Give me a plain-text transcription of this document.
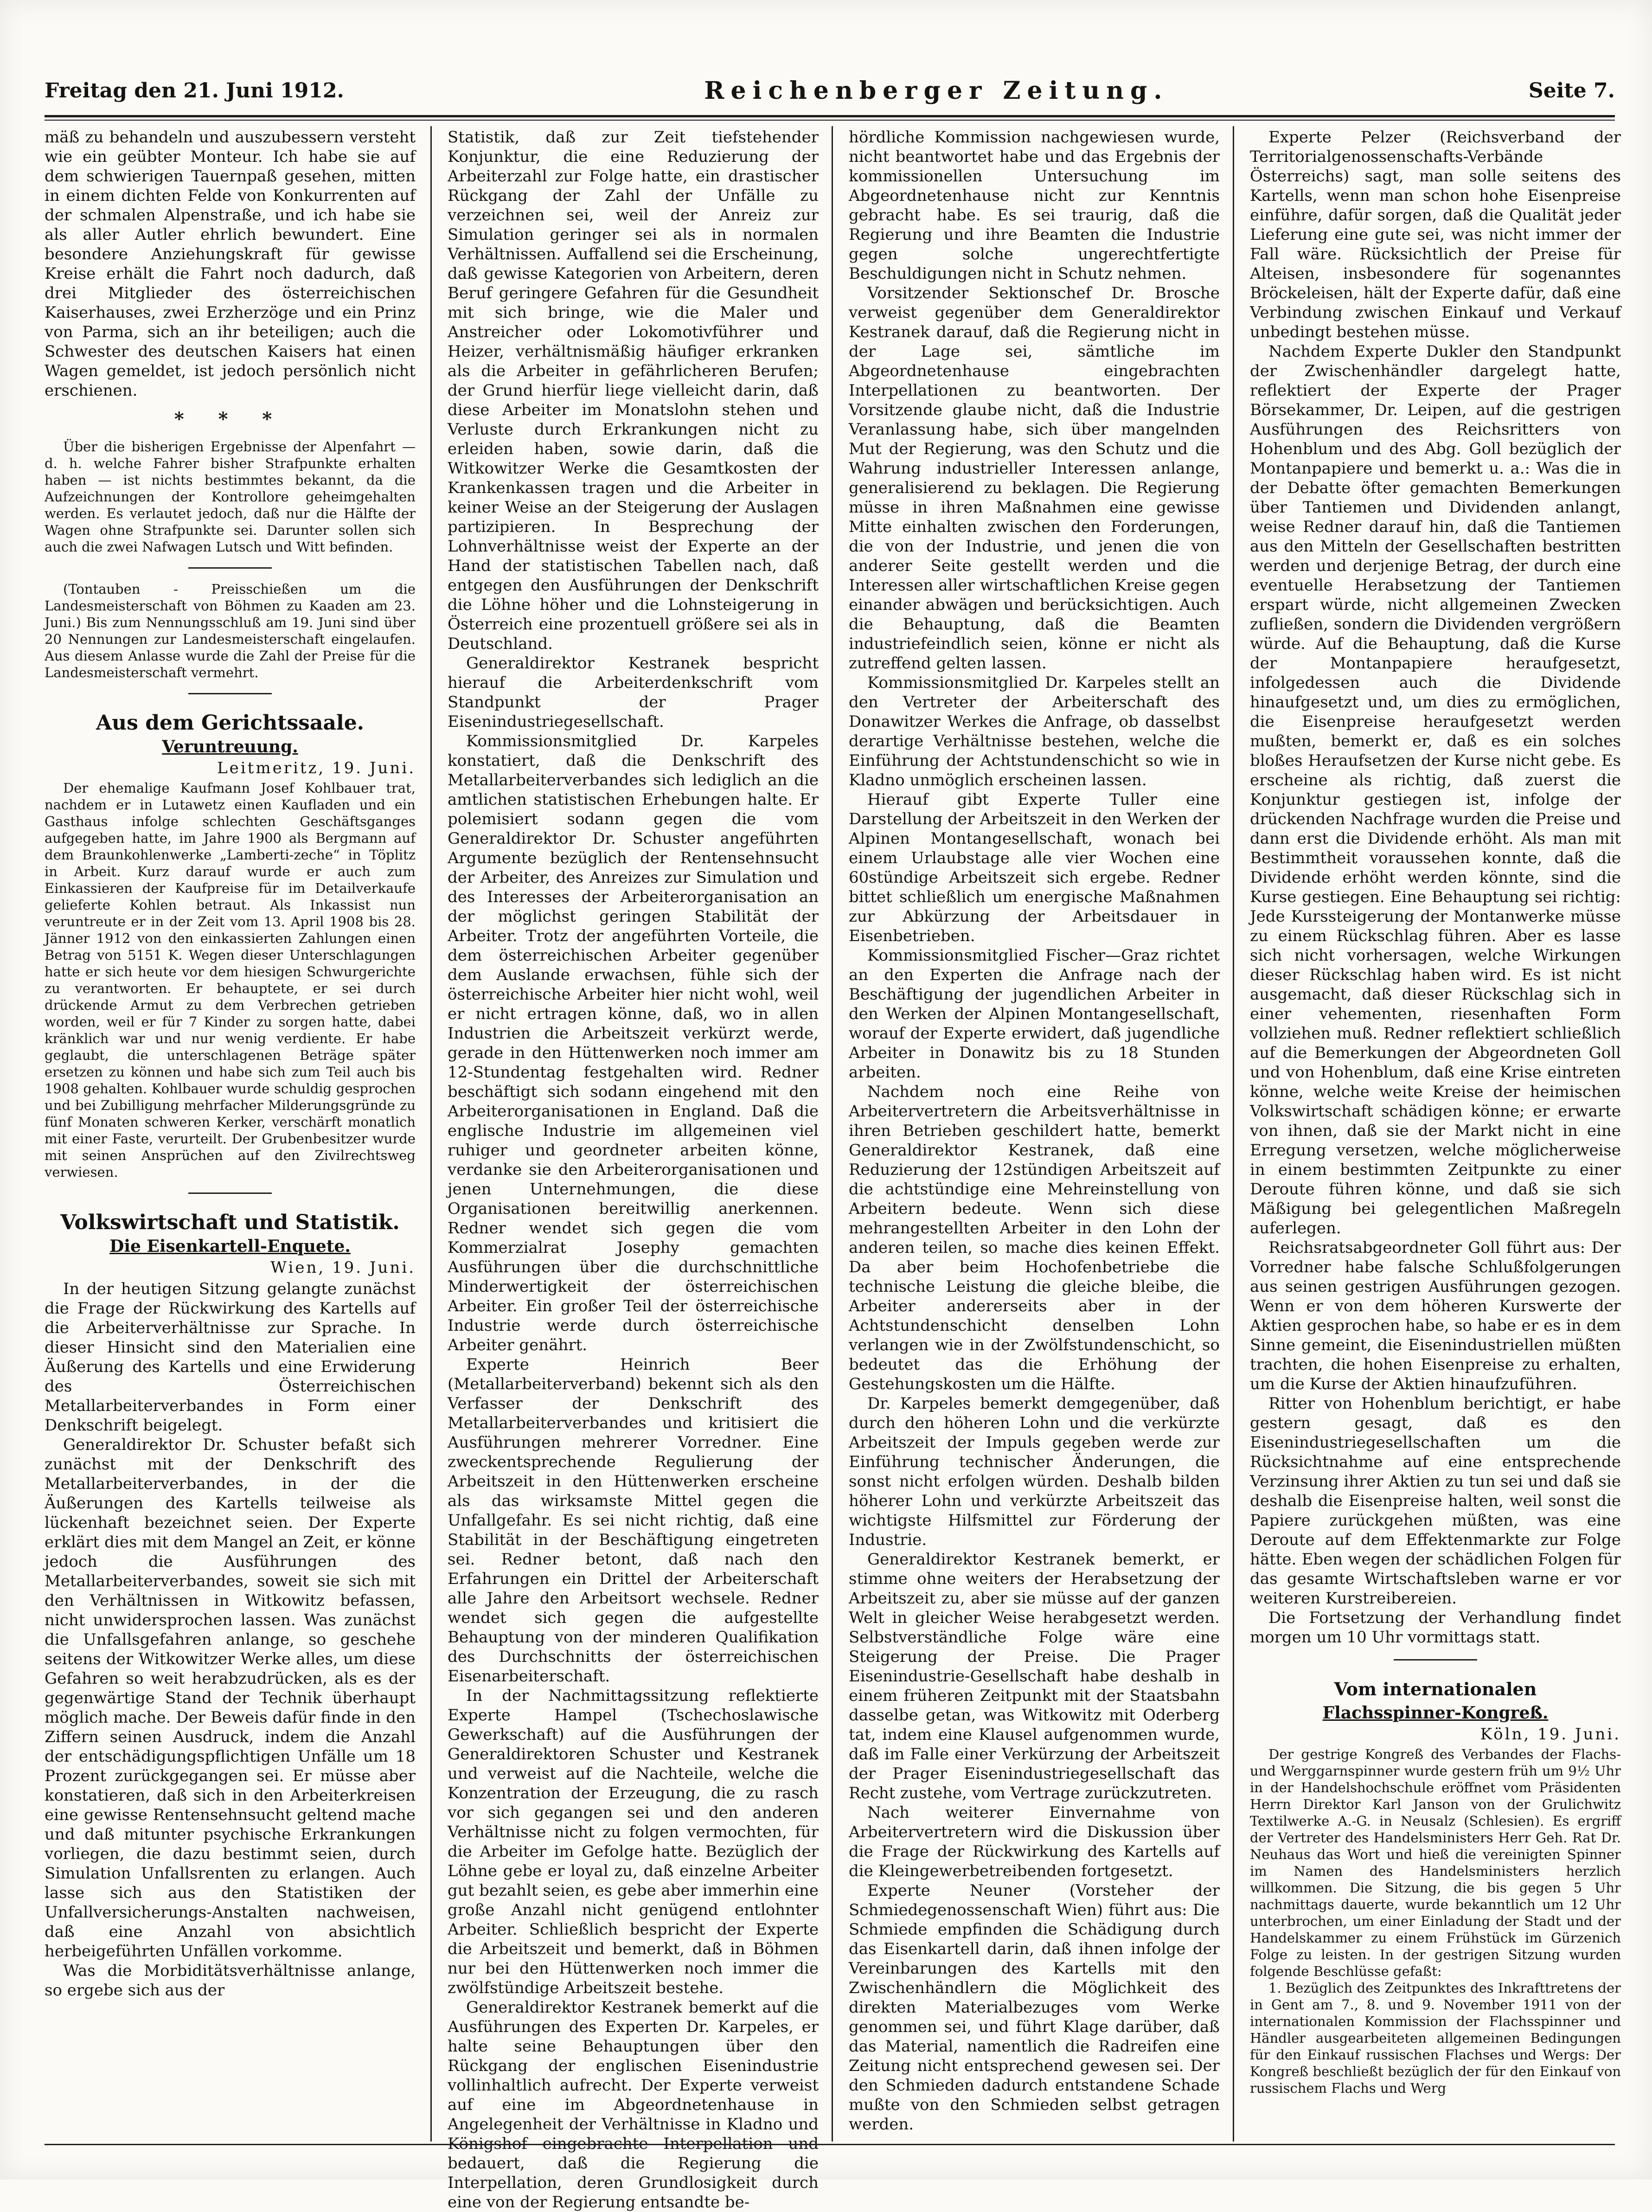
Freitag den 21. Juni 1912.	Reichenberger Zeitung.	Seite 7.

mäß zu behandeln und auszubessern versteht wie ein geübter Monteur. Ich habe sie auf dem schwierigen Tauernpaß gesehen, mitten in einem dichten Felde von Konkurrenten auf der schmalen Alpenstraße, und ich habe sie als aller Autler ehrlich bewundert. Eine besondere Anziehungskraft für gewisse Kreise erhält die Fahrt noch dadurch, daß drei Mitglieder des österreichischen Kaiserhauses, zwei Erzherzöge und ein Prinz von Parma, sich an ihr beteiligen; auch die Schwester des deutschen Kaisers hat einen Wagen gemeldet, ist jedoch persönlich nicht erschienen.

* * *

Über die bisherigen Ergebnisse der Alpenfahrt — d. h. welche Fahrer bisher Strafpunkte erhalten haben — ist nichts bestimmtes bekannt, da die Aufzeichnungen der Kontrollore geheimgehalten werden. Es verlautet jedoch, daß nur die Hälfte der Wagen ohne Strafpunkte sei. Darunter sollen sich auch die zwei Nafwagen Lutsch und Witt befinden.

(Tontauben - Preisschießen um die Landesmeisterschaft von Böhmen zu Kaaden am 23. Juni.) Bis zum Nennungsschluß am 19. Juni sind über 20 Nennungen zur Landesmeisterschaft eingelaufen. Aus diesem Anlasse wurde die Zahl der Preise für die Landesmeisterschaft vermehrt.

Aus dem Gerichtssaale.
Veruntreuung.
Leitmeritz, 19. Juni.

Der ehemalige Kaufmann Josef Kohlbauer trat, nachdem er in Lutawetz einen Kaufladen und ein Gasthaus infolge schlechten Geschäftsganges aufgegeben hatte, im Jahre 1900 als Bergmann auf dem Braunkohlenwerke „Lamberti-zeche“ in Töplitz in Arbeit. Kurz darauf wurde er auch zum Einkassieren der Kaufpreise für im Detailverkaufe gelieferte Kohlen betraut. Als Inkassist nun veruntreute er in der Zeit vom 13. April 1908 bis 28. Jänner 1912 von den einkassierten Zahlungen einen Betrag von 5151 K. Wegen dieser Unterschlagungen hatte er sich heute vor dem hiesigen Schwurgerichte zu verantworten. Er behauptete, er sei durch drückende Armut zu dem Verbrechen getrieben worden, weil er für 7 Kinder zu sorgen hatte, dabei kränklich war und nur wenig verdiente. Er habe geglaubt, die unterschlagenen Beträge später ersetzen zu können und habe sich zum Teil auch bis 1908 gehalten. Kohlbauer wurde schuldig gesprochen und bei Zubilligung mehrfacher Milderungsgründe zu fünf Monaten schweren Kerker, verschärft monatlich mit einer Faste, verurteilt. Der Grubenbesitzer wurde mit seinen Ansprüchen auf den Zivilrechtsweg verwiesen.

Volkswirtschaft und Statistik.
Die Eisenkartell-Enquete.
Wien, 19. Juni.

In der heutigen Sitzung gelangte zunächst die Frage der Rückwirkung des Kartells auf die Arbeiterverhältnisse zur Sprache. In dieser Hinsicht sind den Materialien eine Äußerung des Kartells und eine Erwiderung des Österreichischen Metallarbeiterverbandes in Form einer Denkschrift beigelegt.

Generaldirektor Dr. Schuster befaßt sich zunächst mit der Denkschrift des Metallarbeiterverbandes, in der die Äußerungen des Kartells teilweise als lückenhaft bezeichnet seien. Der Experte erklärt dies mit dem Mangel an Zeit, er könne jedoch die Ausführungen des Metallarbeiterverbandes, soweit sie sich mit den Verhältnissen in Witkowitz befassen, nicht unwidersprochen lassen. Was zunächst die Unfallsgefahren anlange, so geschehe seitens der Witkowitzer Werke alles, um diese Gefahren so weit herabzudrücken, als es der gegenwärtige Stand der Technik überhaupt möglich mache. Der Beweis dafür finde in den Ziffern seinen Ausdruck, indem die Anzahl der entschädigungspflichtigen Unfälle um 18 Prozent zurückgegangen sei. Er müsse aber konstatieren, daß sich in den Arbeiterkreisen eine gewisse Rentensehnsucht geltend mache und daß mitunter psychische Erkrankungen vorliegen, die dazu bestimmt seien, durch Simulation Unfallsrenten zu erlangen. Auch lasse sich aus den Statistiken der Unfallversicherungs-Anstalten nachweisen, daß eine Anzahl von absichtlich herbeigeführten Unfällen vorkomme.

Was die Morbiditätsverhältnisse anlange, so ergebe sich aus der

Statistik, daß zur Zeit tiefstehender Konjunktur, die eine Reduzierung der Arbeiterzahl zur Folge hatte, ein drastischer Rückgang der Zahl der Unfälle zu verzeichnen sei, weil der Anreiz zur Simulation geringer sei als in normalen Verhältnissen. Auffallend sei die Erscheinung, daß gewisse Kategorien von Arbeitern, deren Beruf geringere Gefahren für die Gesundheit mit sich bringe, wie die Maler und Anstreicher oder Lokomotivführer und Heizer, verhältnismäßig häufiger erkranken als die Arbeiter in gefährlicheren Berufen; der Grund hierfür liege vielleicht darin, daß diese Arbeiter im Monatslohn stehen und Verluste durch Erkrankungen nicht zu erleiden haben, sowie darin, daß die Witkowitzer Werke die Gesamtkosten der Krankenkassen tragen und die Arbeiter in keiner Weise an der Steigerung der Auslagen partizipieren. In Besprechung der Lohnverhältnisse weist der Experte an der Hand der statistischen Tabellen nach, daß entgegen den Ausführungen der Denkschrift die Löhne höher und die Lohnsteigerung in Österreich eine prozentuell größere sei als in Deutschland.

Generaldirektor Kestranek bespricht hierauf die Arbeiterdenkschrift vom Standpunkt der Prager Eisenindustriegesellschaft.

Kommissionsmitglied Dr. Karpeles konstatiert, daß die Denkschrift des Metallarbeiterverbandes sich lediglich an die amtlichen statistischen Erhebungen halte. Er polemisiert sodann gegen die vom Generaldirektor Dr. Schuster angeführten Argumente bezüglich der Rentensehnsucht der Arbeiter, des Anreizes zur Simulation und des Interesses der Arbeiterorganisation an der möglichst geringen Stabilität der Arbeiter. Trotz der angeführten Vorteile, die dem österreichischen Arbeiter gegenüber dem Auslande erwachsen, fühle sich der österreichische Arbeiter hier nicht wohl, weil er nicht ertragen könne, daß, wo in allen Industrien die Arbeitszeit verkürzt werde, gerade in den Hüttenwerken noch immer am 12-Stundentag festgehalten wird. Redner beschäftigt sich sodann eingehend mit den Arbeiterorganisationen in England. Daß die englische Industrie im allgemeinen viel ruhiger und geordneter arbeiten könne, verdanke sie den Arbeiterorganisationen und jenen Unternehmungen, die diese Organisationen bereitwillig anerkennen. Redner wendet sich gegen die vom Kommerzialrat Josephy gemachten Ausführungen über die durchschnittliche Minderwertigkeit der österreichischen Arbeiter. Ein großer Teil der österreichische Industrie werde durch österreichische Arbeiter genährt.

Experte Heinrich Beer (Metallarbeiterverband) bekennt sich als den Verfasser der Denkschrift des Metallarbeiterverbandes und kritisiert die Ausführungen mehrerer Vorredner. Eine zweckentsprechende Regulierung der Arbeitszeit in den Hüttenwerken erscheine als das wirksamste Mittel gegen die Unfallgefahr. Es sei nicht richtig, daß eine Stabilität in der Beschäftigung eingetreten sei. Redner betont, daß nach den Erfahrungen ein Drittel der Arbeiterschaft alle Jahre den Arbeitsort wechsele. Redner wendet sich gegen die aufgestellte Behauptung von der minderen Qualifikation des Durchschnitts der österreichischen Eisenarbeiterschaft.

In der Nachmittagssitzung reflektierte Experte Hampel (Tschechoslawische Gewerkschaft) auf die Ausführungen der Generaldirektoren Schuster und Kestranek und verweist auf die Nachteile, welche die Konzentration der Erzeugung, die zu rasch vor sich gegangen sei und den anderen Verhältnisse nicht zu folgen vermochten, für die Arbeiter im Gefolge hatte. Bezüglich der Löhne gebe er loyal zu, daß einzelne Arbeiter gut bezahlt seien, es gebe aber immerhin eine große Anzahl nicht genügend entlohnter Arbeiter. Schließlich bespricht der Experte die Arbeitszeit und bemerkt, daß in Böhmen nur bei den Hüttenwerken noch immer die zwölfstündige Arbeitszeit bestehe.

Generaldirektor Kestranek bemerkt auf die Ausführungen des Experten Dr. Karpeles, er halte seine Behauptungen über den Rückgang der englischen Eisenindustrie vollinhaltlich aufrecht. Der Experte verweist auf eine im Abgeordnetenhause in Angelegenheit der Verhältnisse in Kladno und Königshof eingebrachte Interpellation und bedauert, daß die Regierung die Interpellation, deren Grundlosigkeit durch eine von der Regierung entsandte be-

hördliche Kommission nachgewiesen wurde, nicht beantwortet habe und das Ergebnis der kommissionellen Untersuchung im Abgeordnetenhause nicht zur Kenntnis gebracht habe. Es sei traurig, daß die Regierung und ihre Beamten die Industrie gegen solche ungerechtfertigte Beschuldigungen nicht in Schutz nehmen.

Vorsitzender Sektionschef Dr. Brosche verweist gegenüber dem Generaldirektor Kestranek darauf, daß die Regierung nicht in der Lage sei, sämtliche im Abgeordnetenhause eingebrachten Interpellationen zu beantworten. Der Vorsitzende glaube nicht, daß die Industrie Veranlassung habe, sich über mangelnden Mut der Regierung, was den Schutz und die Wahrung industrieller Interessen anlange, generalisierend zu beklagen. Die Regierung müsse in ihren Maßnahmen eine gewisse Mitte einhalten zwischen den Forderungen, die von der Industrie, und jenen die von anderer Seite gestellt werden und die Interessen aller wirtschaftlichen Kreise gegen einander abwägen und berücksichtigen. Auch die Behauptung, daß die Beamten industriefeindlich seien, könne er nicht als zutreffend gelten lassen.

Kommissionsmitglied Dr. Karpeles stellt an den Vertreter der Arbeiterschaft des Donawitzer Werkes die Anfrage, ob dasselbst derartige Verhältnisse bestehen, welche die Einführung der Achtstundenschicht so wie in Kladno unmöglich erscheinen lassen.

Hierauf gibt Experte Tuller eine Darstellung der Arbeitszeit in den Werken der Alpinen Montangesellschaft, wonach bei einem Urlaubstage alle vier Wochen eine 60stündige Arbeitszeit sich ergebe. Redner bittet schließlich um energische Maßnahmen zur Abkürzung der Arbeitsdauer in Eisenbetrieben.

Kommissionsmitglied Fischer—Graz richtet an den Experten die Anfrage nach der Beschäftigung der jugendlichen Arbeiter in den Werken der Alpinen Montangesellschaft, worauf der Experte erwidert, daß jugendliche Arbeiter in Donawitz bis zu 18 Stunden arbeiten.

Nachdem noch eine Reihe von Arbeitervertretern die Arbeitsverhältnisse in ihren Betrieben geschildert hatte, bemerkt Generaldirektor Kestranek, daß eine Reduzierung der 12stündigen Arbeitszeit auf die achtstündige eine Mehreinstellung von Arbeitern bedeute. Wenn sich diese mehrangestellten Arbeiter in den Lohn der anderen teilen, so mache dies keinen Effekt. Da aber beim Hochofenbetriebe die technische Leistung die gleiche bleibe, die Arbeiter andererseits aber in der Achtstundenschicht denselben Lohn verlangen wie in der Zwölfstundenschicht, so bedeutet das die Erhöhung der Gestehungskosten um die Hälfte.

Dr. Karpeles bemerkt demgegenüber, daß durch den höheren Lohn und die verkürzte Arbeitszeit der Impuls gegeben werde zur Einführung technischer Änderungen, die sonst nicht erfolgen würden. Deshalb bilden höherer Lohn und verkürzte Arbeitszeit das wichtigste Hilfsmittel zur Förderung der Industrie.

Generaldirektor Kestranek bemerkt, er stimme ohne weiters der Herabsetzung der Arbeitszeit zu, aber sie müsse auf der ganzen Welt in gleicher Weise herabgesetzt werden. Selbstverständliche Folge wäre eine Steigerung der Preise. Die Prager Eisenindustrie-Gesellschaft habe deshalb in einem früheren Zeitpunkt mit der Staatsbahn dasselbe getan, was Witkowitz mit Oderberg tat, indem eine Klausel aufgenommen wurde, daß im Falle einer Verkürzung der Arbeitszeit der Prager Eisenindustriegesellschaft das Recht zustehe, vom Vertrage zurückzutreten.

Nach weiterer Einvernahme von Arbeitervertretern wird die Diskussion über die Frage der Rückwirkung des Kartells auf die Kleingewerbetreibenden fortgesetzt.

Experte Neuner (Vorsteher der Schmiedegenossenschaft Wien) führt aus: Die Schmiede empfinden die Schädigung durch das Eisenkartell darin, daß ihnen infolge der Vereinbarungen des Kartells mit den Zwischenhändlern die Möglichkeit des direkten Materialbezuges vom Werke genommen sei, und führt Klage darüber, daß das Material, namentlich die Radreifen eine Zeitung nicht entsprechend gewesen sei. Der den Schmieden dadurch entstandene Schade mußte von den Schmieden selbst getragen werden.

Experte Pelzer (Reichsverband der Territorialgenossenschafts-Verbände Österreichs) sagt, man solle seitens des Kartells, wenn man schon hohe Eisenpreise einführe, dafür sorgen, daß die Qualität jeder Lieferung eine gute sei, was nicht immer der Fall wäre. Rücksichtlich der Preise für Alteisen, insbesondere für sogenanntes Bröckeleisen, hält der Experte dafür, daß eine Verbindung zwischen Einkauf und Verkauf unbedingt bestehen müsse.

Nachdem Experte Dukler den Standpunkt der Zwischenhändler dargelegt hatte, reflektiert der Experte der Prager Börsekammer, Dr. Leipen, auf die gestrigen Ausführungen des Reichsritters von Hohenblum und des Abg. Goll bezüglich der Montanpapiere und bemerkt u. a.: Was die in der Debatte öfter gemachten Bemerkungen über Tantiemen und Dividenden anlangt, weise Redner darauf hin, daß die Tantiemen aus den Mitteln der Gesellschaften bestritten werden und derjenige Betrag, der durch eine eventuelle Herabsetzung der Tantiemen erspart würde, nicht allgemeinen Zwecken zufließen, sondern die Dividenden vergrößern würde. Auf die Behauptung, daß die Kurse der Montanpapiere heraufgesetzt, infolgedessen auch die Dividende hinaufgesetzt und, um dies zu ermöglichen, die Eisenpreise heraufgesetzt werden mußten, bemerkt er, daß es ein solches bloßes Heraufsetzen der Kurse nicht gebe. Es erscheine als richtig, daß zuerst die Konjunktur gestiegen ist, infolge der drückenden Nachfrage wurden die Preise und dann erst die Dividende erhöht. Als man mit Bestimmtheit voraussehen konnte, daß die Dividende erhöht werden könnte, sind die Kurse gestiegen. Eine Behauptung sei richtig: Jede Kurssteigerung der Montanwerke müsse zu einem Rückschlag führen. Aber es lasse sich nicht vorhersagen, welche Wirkungen dieser Rückschlag haben wird. Es ist nicht ausgemacht, daß dieser Rückschlag sich in einer vehementen, riesenhaften Form vollziehen muß. Redner reflektiert schließlich auf die Bemerkungen der Abgeordneten Goll und von Hohenblum, daß eine Krise eintreten könne, welche weite Kreise der heimischen Volkswirtschaft schädigen könne; er erwarte von ihnen, daß sie der Markt nicht in eine Erregung versetzen, welche möglicherweise in einem bestimmten Zeitpunkte zu einer Deroute führen könne, und daß sie sich Mäßigung bei gelegentlichen Maßregeln auferlegen.

Reichsratsabgeordneter Goll führt aus: Der Vorredner habe falsche Schlußfolgerungen aus seinen gestrigen Ausführungen gezogen. Wenn er von dem höheren Kurswerte der Aktien gesprochen habe, so habe er es in dem Sinne gemeint, die Eisenindustriellen müßten trachten, die hohen Eisenpreise zu erhalten, um die Kurse der Aktien hinaufzuführen.

Ritter von Hohenblum berichtigt, er habe gestern gesagt, daß es den Eisenindustriegesellschaften um die Rücksichtnahme auf eine entsprechende Verzinsung ihrer Aktien zu tun sei und daß sie deshalb die Eisenpreise halten, weil sonst die Papiere zurückgehen müßten, was eine Deroute auf dem Effektenmarkte zur Folge hätte. Eben wegen der schädlichen Folgen für das gesamte Wirtschaftsleben warne er vor weiteren Kurstreibereien.

Die Fortsetzung der Verhandlung findet morgen um 10 Uhr vormittags statt.

Vom internationalen
Flachsspinner-Kongreß.
Köln, 19. Juni.

Der gestrige Kongreß des Verbandes der Flachs- und Werggarnspinner wurde gestern früh um 9½ Uhr in der Handelshochschule eröffnet vom Präsidenten Herrn Direktor Karl Janson von der Grulichwitz Textilwerke A.-G. in Neusalz (Schlesien). Es ergriff der Vertreter des Handelsministers Herr Geh. Rat Dr. Neuhaus das Wort und hieß die vereinigten Spinner im Namen des Handelsministers herzlich willkommen. Die Sitzung, die bis gegen 5 Uhr nachmittags dauerte, wurde bekanntlich um 12 Uhr unterbrochen, um einer Einladung der Stadt und der Handelskammer zu einem Frühstück im Gürzenich Folge zu leisten. In der gestrigen Sitzung wurden folgende Beschlüsse gefaßt:

1. Bezüglich des Zeitpunktes des Inkrafttretens der in Gent am 7., 8. und 9. November 1911 von der internationalen Kommission der Flachsspinner und Händler ausgearbeiteten allgemeinen Bedingungen für den Einkauf russischen Flachses und Wergs: Der Kongreß beschließt bezüglich der für den Einkauf von russischem Flachs und Werg
